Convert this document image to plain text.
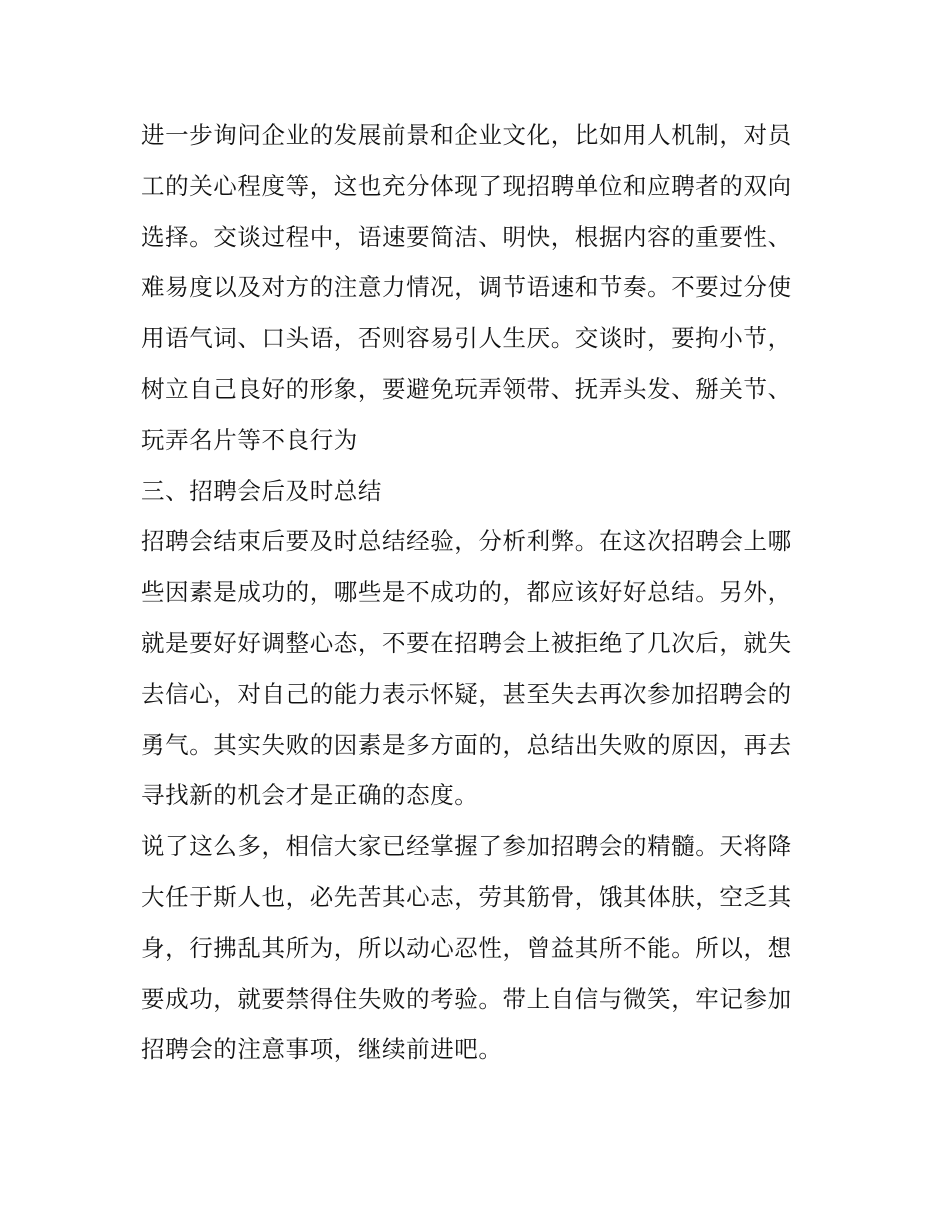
进一步询问企业的发展前景和企业文化，比如用人机制，对员
工的关心程度等，这也充分体现了现招聘单位和应聘者的双向
选择。交谈过程中，语速要简洁、明快，根据内容的重要性、
难易度以及对方的注意力情况，调节语速和节奏。不要过分使
用语气词、口头语，否则容易引人生厌。交谈时，要拘小节，
树立自己良好的形象，要避免玩弄领带、抚弄头发、掰关节、
玩弄名片等不良行为
三、招聘会后及时总结
招聘会结束后要及时总结经验，分析利弊。在这次招聘会上哪
些因素是成功的，哪些是不成功的，都应该好好总结。另外，
就是要好好调整心态，不要在招聘会上被拒绝了几次后，就失
去信心，对自己的能力表示怀疑，甚至失去再次参加招聘会的
勇气。其实失败的因素是多方面的，总结出失败的原因，再去
寻找新的机会才是正确的态度。
说了这么多，相信大家已经掌握了参加招聘会的精髓。天将降
大任于斯人也，必先苦其心志，劳其筋骨，饿其体肤，空乏其
身，行拂乱其所为，所以动心忍性，曾益其所不能。所以，想
要成功，就要禁得住失败的考验。带上自信与微笑，牢记参加
招聘会的注意事项，继续前进吧。
